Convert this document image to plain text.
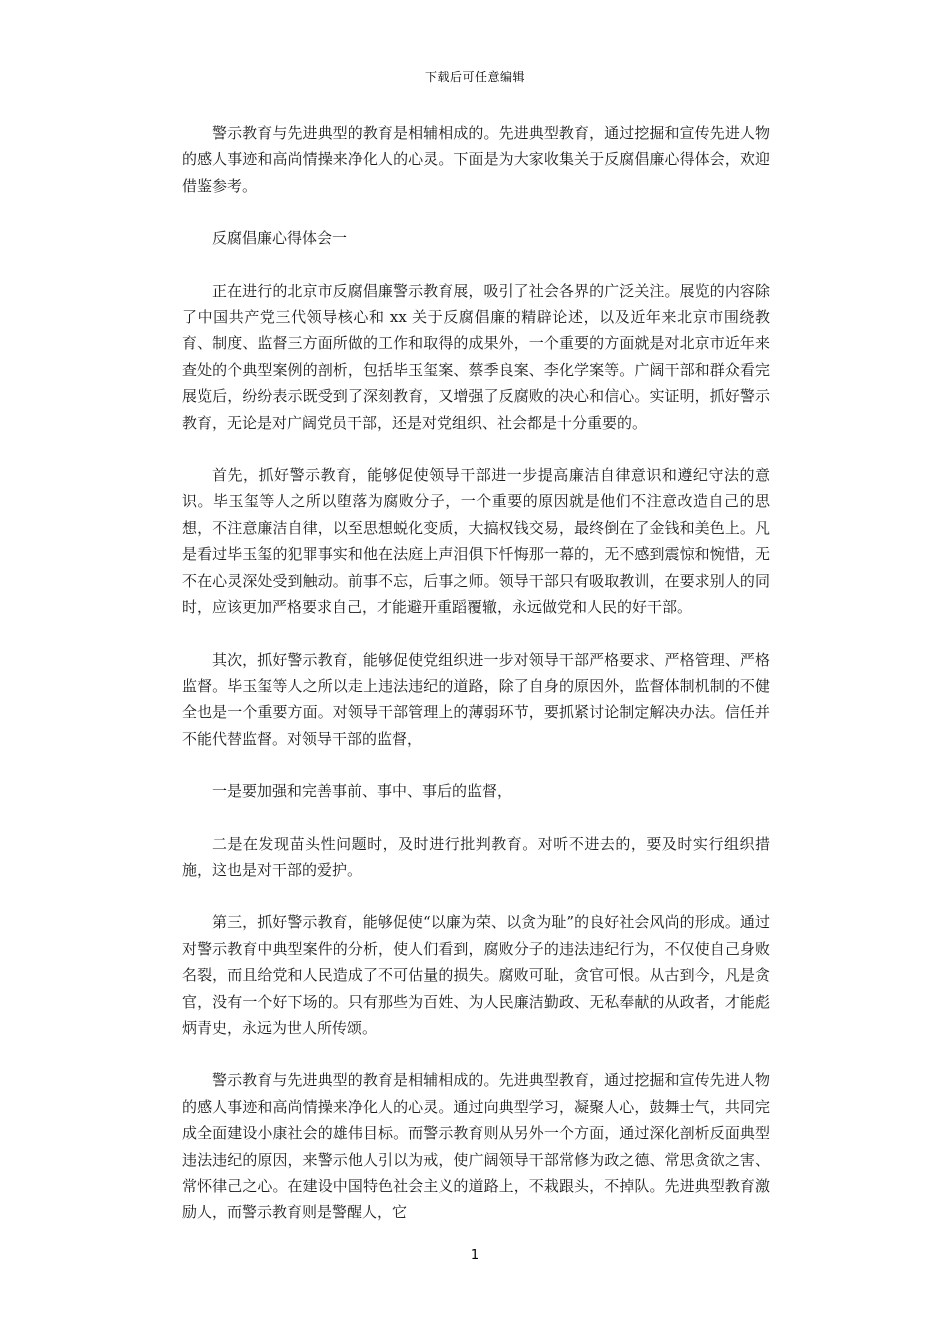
下载后可任意编辑

警示教育与先进典型的教育是相辅相成的。先进典型教育，通过挖掘和宣传先进人物的感人事迹和高尚情操来净化人的心灵。下面是为大家收集关于反腐倡廉心得体会，欢迎借鉴参考。

反腐倡廉心得体会一

正在进行的北京市反腐倡廉警示教育展，吸引了社会各界的广泛关注。展览的内容除了中国共产党三代领导核心和 xx 关于反腐倡廉的精辟论述，以及近年来北京市围绕教育、制度、监督三方面所做的工作和取得的成果外，一个重要的方面就是对北京市近年来查处的个典型案例的剖析，包括毕玉玺案、蔡季良案、李化学案等。广阔干部和群众看完展览后，纷纷表示既受到了深刻教育，又增强了反腐败的决心和信心。实证明，抓好警示教育，无论是对广阔党员干部，还是对党组织、社会都是十分重要的。

首先，抓好警示教育，能够促使领导干部进一步提高廉洁自律意识和遵纪守法的意识。毕玉玺等人之所以堕落为腐败分子，一个重要的原因就是他们不注意改造自己的思想，不注意廉洁自律，以至思想蜕化变质，大搞权钱交易，最终倒在了金钱和美色上。凡是看过毕玉玺的犯罪事实和他在法庭上声泪俱下忏悔那一幕的，无不感到震惊和惋惜，无不在心灵深处受到触动。前事不忘，后事之师。领导干部只有吸取教训，在要求别人的同时，应该更加严格要求自己，才能避开重蹈覆辙，永远做党和人民的好干部。

其次，抓好警示教育，能够促使党组织进一步对领导干部严格要求、严格管理、严格监督。毕玉玺等人之所以走上违法违纪的道路，除了自身的原因外，监督体制机制的不健全也是一个重要方面。对领导干部管理上的薄弱环节，要抓紧讨论制定解决办法。信任并不能代替监督。对领导干部的监督，

一是要加强和完善事前、事中、事后的监督，

二是在发现苗头性问题时，及时进行批判教育。对听不进去的，要及时实行组织措施，这也是对干部的爱护。

第三，抓好警示教育，能够促使“以廉为荣、以贪为耻”的良好社会风尚的形成。通过对警示教育中典型案件的分析，使人们看到，腐败分子的违法违纪行为，不仅使自己身败名裂，而且给党和人民造成了不可估量的损失。腐败可耻，贪官可恨。从古到今，凡是贪官，没有一个好下场的。只有那些为百姓、为人民廉洁勤政、无私奉献的从政者，才能彪炳青史，永远为世人所传颂。

警示教育与先进典型的教育是相辅相成的。先进典型教育，通过挖掘和宣传先进人物的感人事迹和高尚情操来净化人的心灵。通过向典型学习，凝聚人心，鼓舞士气，共同完成全面建设小康社会的雄伟目标。而警示教育则从另外一个方面，通过深化剖析反面典型违法违纪的原因，来警示他人引以为戒，使广阔领导干部常修为政之德、常思贪欲之害、常怀律己之心。在建设中国特色社会主义的道路上，不栽跟头，不掉队。先进典型教育激励人，而警示教育则是警醒人，它

1
